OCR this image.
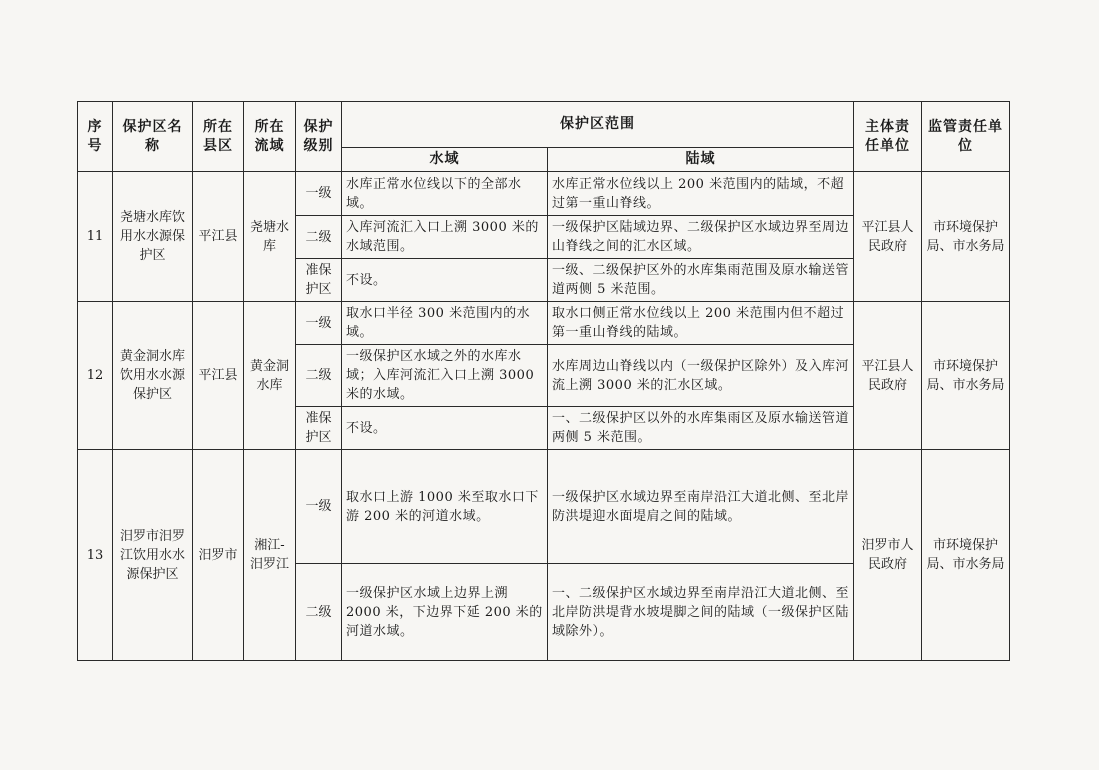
序号	保护区名称	所在县区	所在流域	保护级别	保护区范围		主体责任单位	监管责任单位
					水域	陆域		
11	尧塘水库饮用水水源保护区	平江县	尧塘水库	一级	水库正常水位线以下的全部水域。	水库正常水位线以上 200 米范围内的陆域，不超过第一重山脊线。	平江县人民政府	市环境保护局、市水务局
				二级	入库河流汇入口上溯 3000 米的水域范围。	一级保护区陆域边界、二级保护区水域边界至周边山脊线之间的汇水区域。		
				准保护区	不设。	一级、二级保护区外的水库集雨范围及原水输送管道两侧 5 米范围。		
12	黄金洞水库饮用水水源保护区	平江县	黄金洞水库	一级	取水口半径 300 米范围内的水域。	取水口侧正常水位线以上 200 米范围内但不超过第一重山脊线的陆域。	平江县人民政府	市环境保护局、市水务局
				二级	一级保护区水域之外的水库水域；入库河流汇入口上溯 3000 米的水域。	水库周边山脊线以内（一级保护区除外）及入库河流上溯 3000 米的汇水区域。		
				准保护区	不设。	一、二级保护区以外的水库集雨区及原水输送管道两侧 5 米范围。		
13	汨罗市汨罗江饮用水水源保护区	汨罗市	湘江-汨罗江	一级	取水口上游 1000 米至取水口下游 200 米的河道水域。	一级保护区水域边界至南岸沿江大道北侧、至北岸防洪堤迎水面堤肩之间的陆域。	汨罗市人民政府	市环境保护局、市水务局
				二级	一级保护区水域上边界上溯 2000 米，下边界下延 200 米的河道水域。	一、二级保护区水域边界至南岸沿江大道北侧、至北岸防洪堤背水坡堤脚之间的陆域（一级保护区陆域除外）。		
